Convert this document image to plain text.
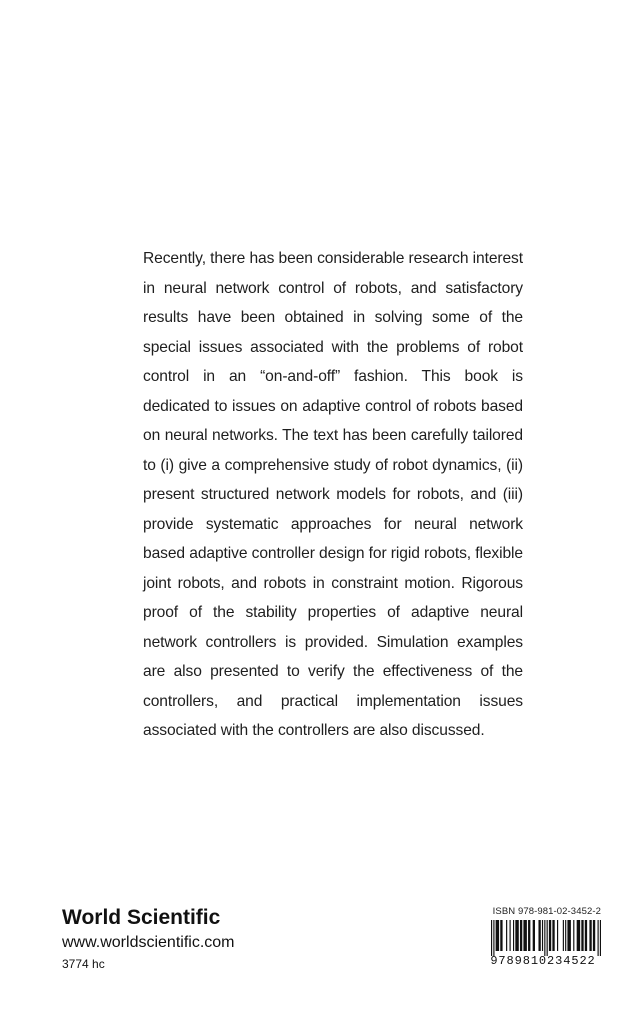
Recently, there has been considerable research interest in neural network control of robots, and satisfactory results have been obtained in solving some of the special issues associated with the problems of robot control in an “on-and-off” fashion. This book is dedicated to issues on adaptive control of robots based on neural networks. The text has been carefully tailored to (i) give a comprehensive study of robot dynamics, (ii) present structured network models for robots, and (iii) provide systematic approaches for neural network based adaptive controller design for rigid robots, flexible joint robots, and robots in constraint motion. Rigorous proof of the stability properties of adaptive neural network controllers is provided. Simulation examples are also presented to verify the effectiveness of the controllers, and practical implementation issues associated with the controllers are also discussed.
World Scientific
www.worldscientific.com
3774 hc
ISBN 978-981-02-3452-2
9789810234522
